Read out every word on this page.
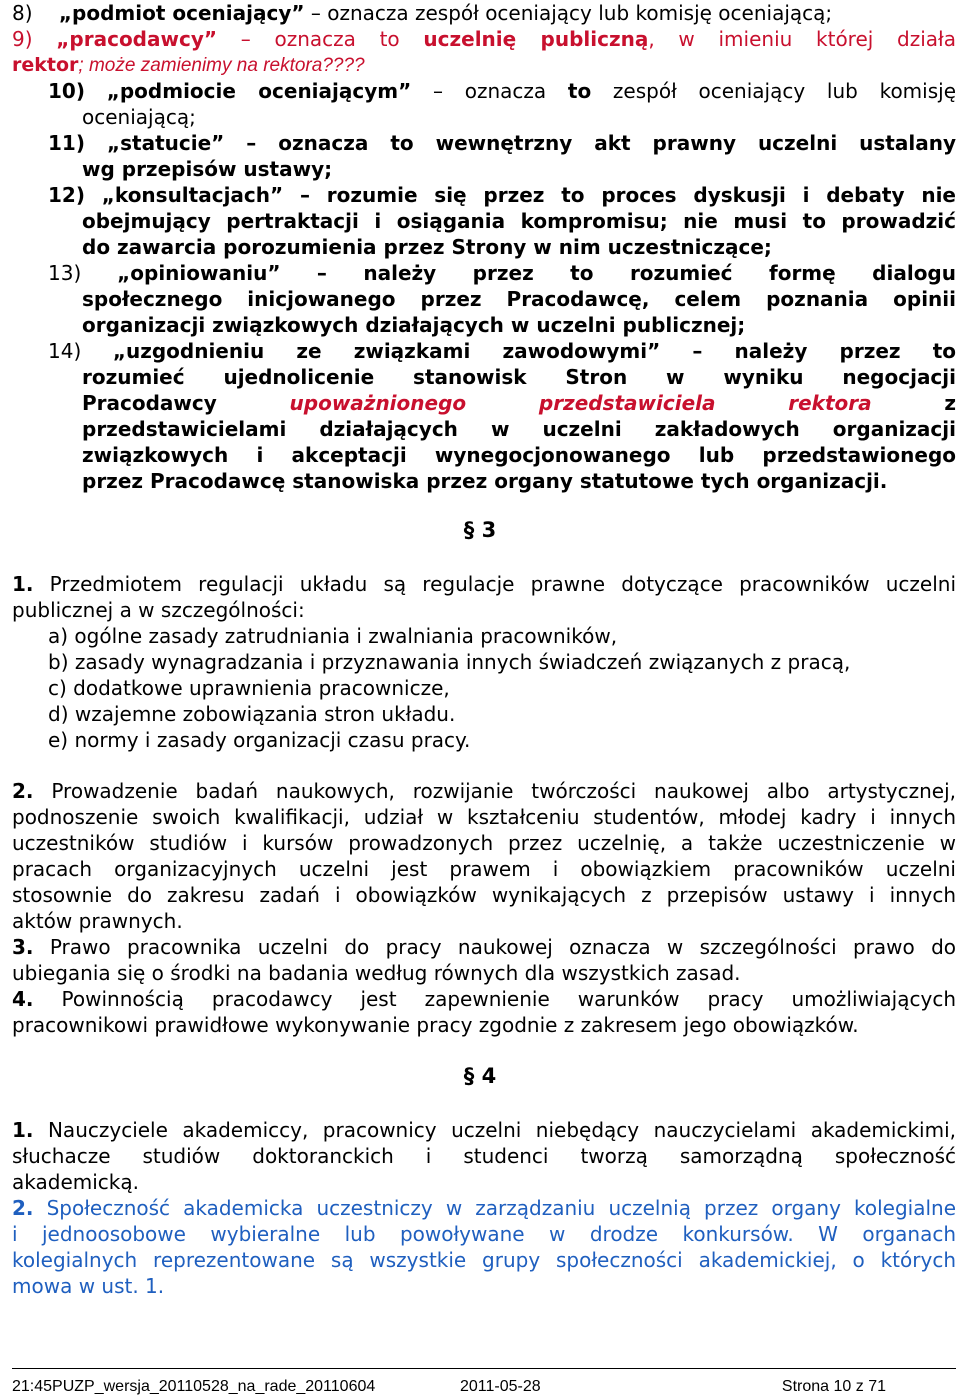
8) „podmiot oceniający” – oznacza zespół oceniający lub komisję oceniającą;
9) „pracodawcy” – oznacza to uczelnię publiczną, w imieniu której działa
rektor; może zamienimy na rektora????
10) „podmiocie oceniającym” – oznacza to zespół oceniający lub komisję
oceniającą;
11) „statucie” – oznacza to wewnętrzny akt prawny uczelni ustalany
wg przepisów ustawy;
12) „konsultacjach” – rozumie się przez to proces dyskusji i debaty nie
obejmujący pertraktacji i osiągania kompromisu; nie musi to prowadzić
do zawarcia porozumienia przez Strony w nim uczestniczące;
13) „opiniowaniu” – należy przez to rozumieć formę dialogu
społecznego inicjowanego przez Pracodawcę, celem poznania opinii
organizacji związkowych działających w uczelni publicznej;
14) „uzgodnieniu ze związkami zawodowymi” – należy przez to
rozumieć ujednolicenie stanowisk Stron w wyniku negocjacji
Pracodawcy	upoważnionego	przedstawiciela	rektora	z
przedstawicielami działających w uczelni zakładowych organizacji
związkowych i akceptacji wynegocjonowanego lub przedstawionego
przez Pracodawcę stanowiska przez organy statutowe tych organizacji.
§ 3
1. Przedmiotem regulacji układu są regulacje prawne dotyczące pracowników uczelni
publicznej a w szczególności:
a) ogólne zasady zatrudniania i zwalniania pracowników,
b) zasady wynagradzania i przyznawania innych świadczeń związanych z pracą,
c) dodatkowe uprawnienia pracownicze,
d) wzajemne zobowiązania stron układu.
e) normy i zasady organizacji czasu pracy.
2. Prowadzenie badań naukowych, rozwijanie twórczości naukowej albo artystycznej,
podnoszenie swoich kwalifikacji, udział w kształceniu studentów, młodej kadry i innych
uczestników studiów i kursów prowadzonych przez uczelnię, a także uczestniczenie w
pracach organizacyjnych uczelni jest prawem i obowiązkiem pracowników uczelni
stosownie do zakresu zadań i obowiązków wynikających z przepisów ustawy i innych
aktów prawnych.
3. Prawo pracownika uczelni do pracy naukowej oznacza w szczególności prawo do
ubiegania się o środki na badania według równych dla wszystkich zasad.
4. Powinnością pracodawcy jest zapewnienie warunków pracy umożliwiających
pracownikowi prawidłowe wykonywanie pracy zgodnie z zakresem jego obowiązków.
§ 4
1. Nauczyciele akademiccy, pracownicy uczelni niebędący nauczycielami akademickimi,
słuchacze studiów doktoranckich i studenci tworzą samorządną społeczność
akademicką.
2. Społeczność akademicka uczestniczy w zarządzaniu uczelnią przez organy kolegialne
i jednoosobowe wybieralne lub powoływane w drodze konkursów. W organach
kolegialnych reprezentowane są wszystkie grupy społeczności akademickiej, o których
mowa w ust. 1.
21:45PUZP_wersja_20110528_na_rade_20110604	2011-05-28	Strona 10 z 71
